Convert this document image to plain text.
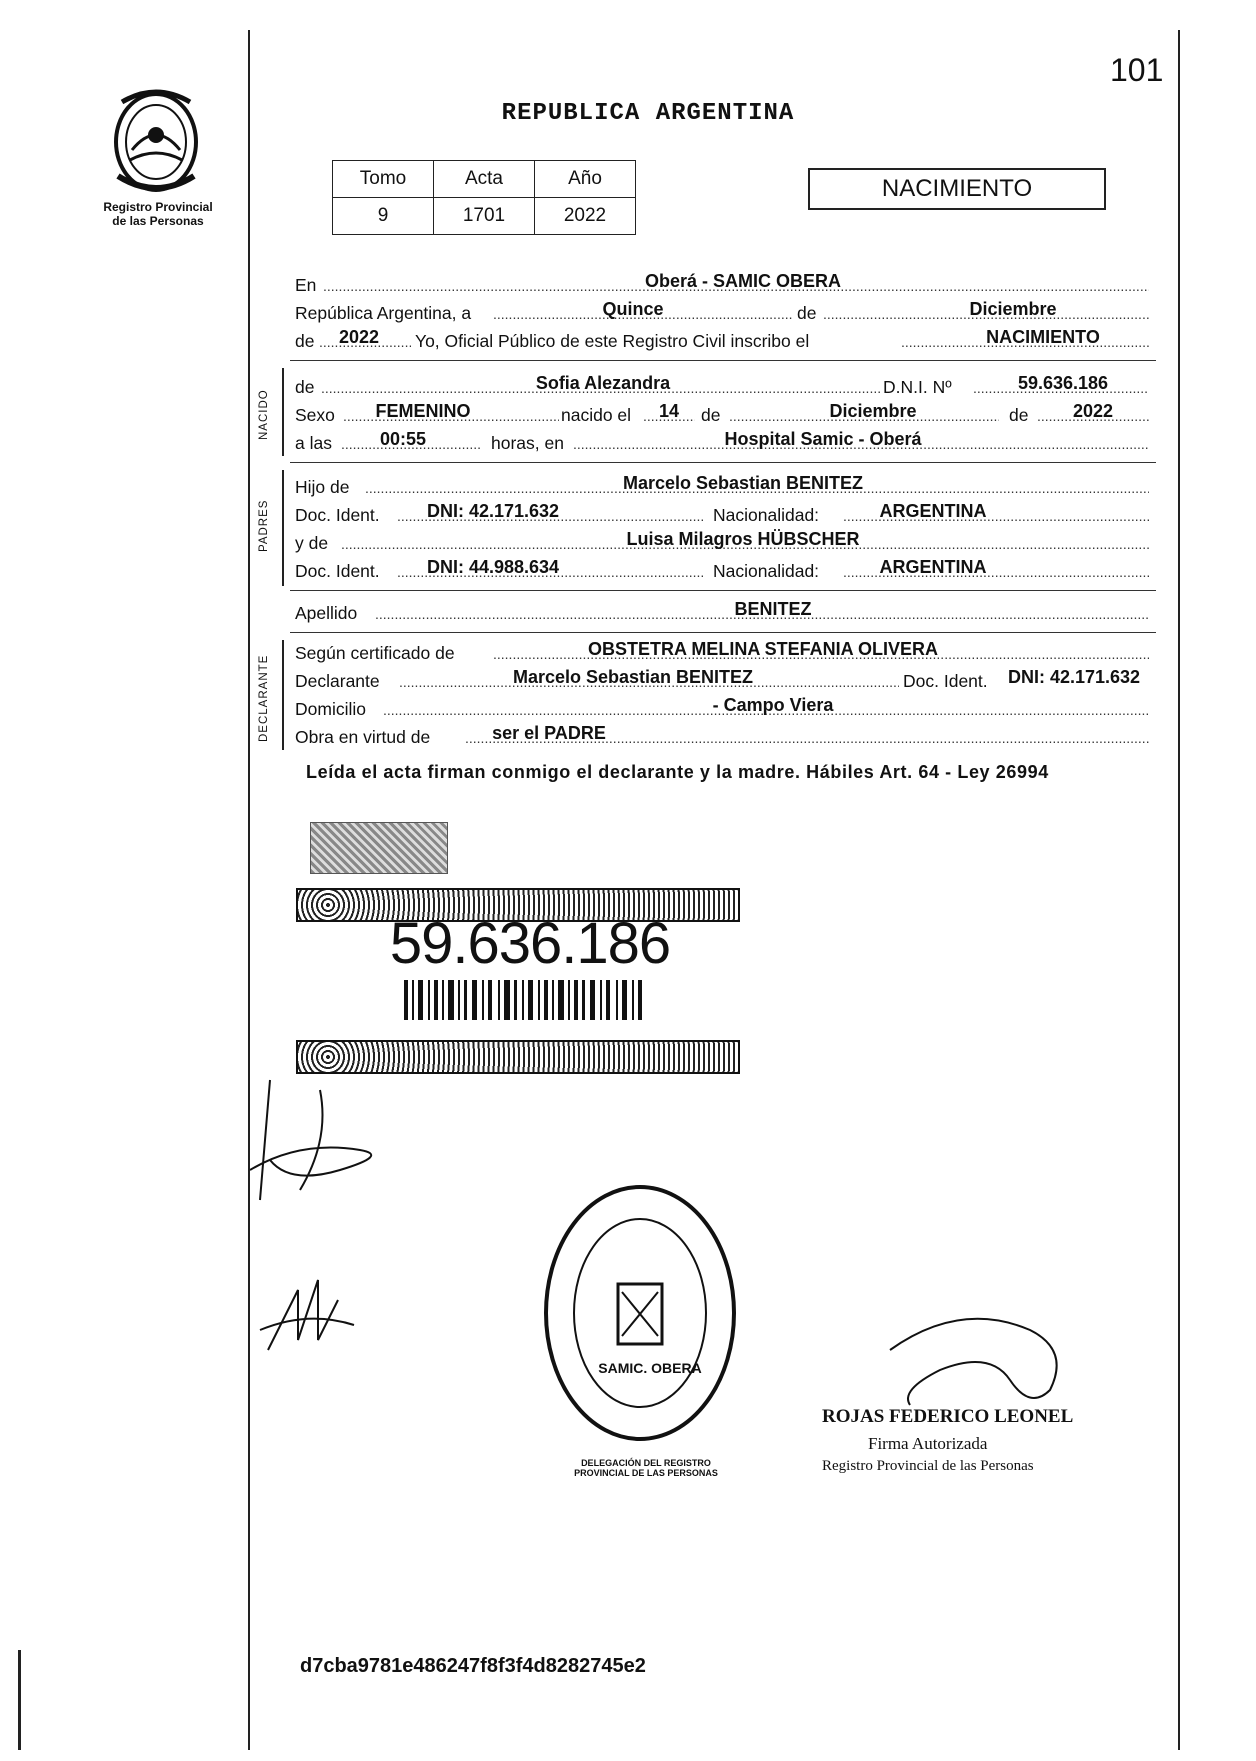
Registro Provincial
de las Personas
101
REPUBLICA ARGENTINA
Tomo	Acta	Año
9	1701	2022
NACIMIENTO
En .....	Oberá - SAMIC OBERA
República Argentina, a .....	Quince	de .....	Diciembre
de .....	2022	Yo, Oficial Público de este Registro Civil inscribo el .....	NACIMIENTO
NACIDO
de .....	Sofia Alezandra	D.N.I. Nº .....	59.636.186
Sexo .....	FEMENINO	nacido el .....	14	de .....	Diciembre	de .....	2022
a las .....	00:55	horas, en .....	Hospital Samic - Oberá
PADRES
Hijo de .....	Marcelo Sebastian BENITEZ
Doc. Ident. .....	DNI: 42.171.632	Nacionalidad: .....	ARGENTINA
y de .....	Luisa Milagros HÜBSCHER
Doc. Ident. .....	DNI: 44.988.634	Nacionalidad: .....	ARGENTINA
Apellido .....	BENITEZ
DECLARANTE
Según certificado de .....	OBSTETRA MELINA STEFANIA OLIVERA
Declarante .....	Marcelo Sebastian BENITEZ	Doc. Ident.	DNI: 42.171.632
Domicilio .....	- Campo Viera
Obra en virtud de .....	ser el PADRE
Leída el acta firman conmigo el declarante y la madre. Hábiles Art. 64 - Ley 26994
59.636.186
DELEGACIÓN DEL REGISTRO PROVINCIAL DE LAS PERSONAS
SAMIC. OBERA
ROJAS FEDERICO LEONEL
Firma Autorizada
Registro Provincial de las Personas
d7cba9781e486247f8f3f4d8282745e2
